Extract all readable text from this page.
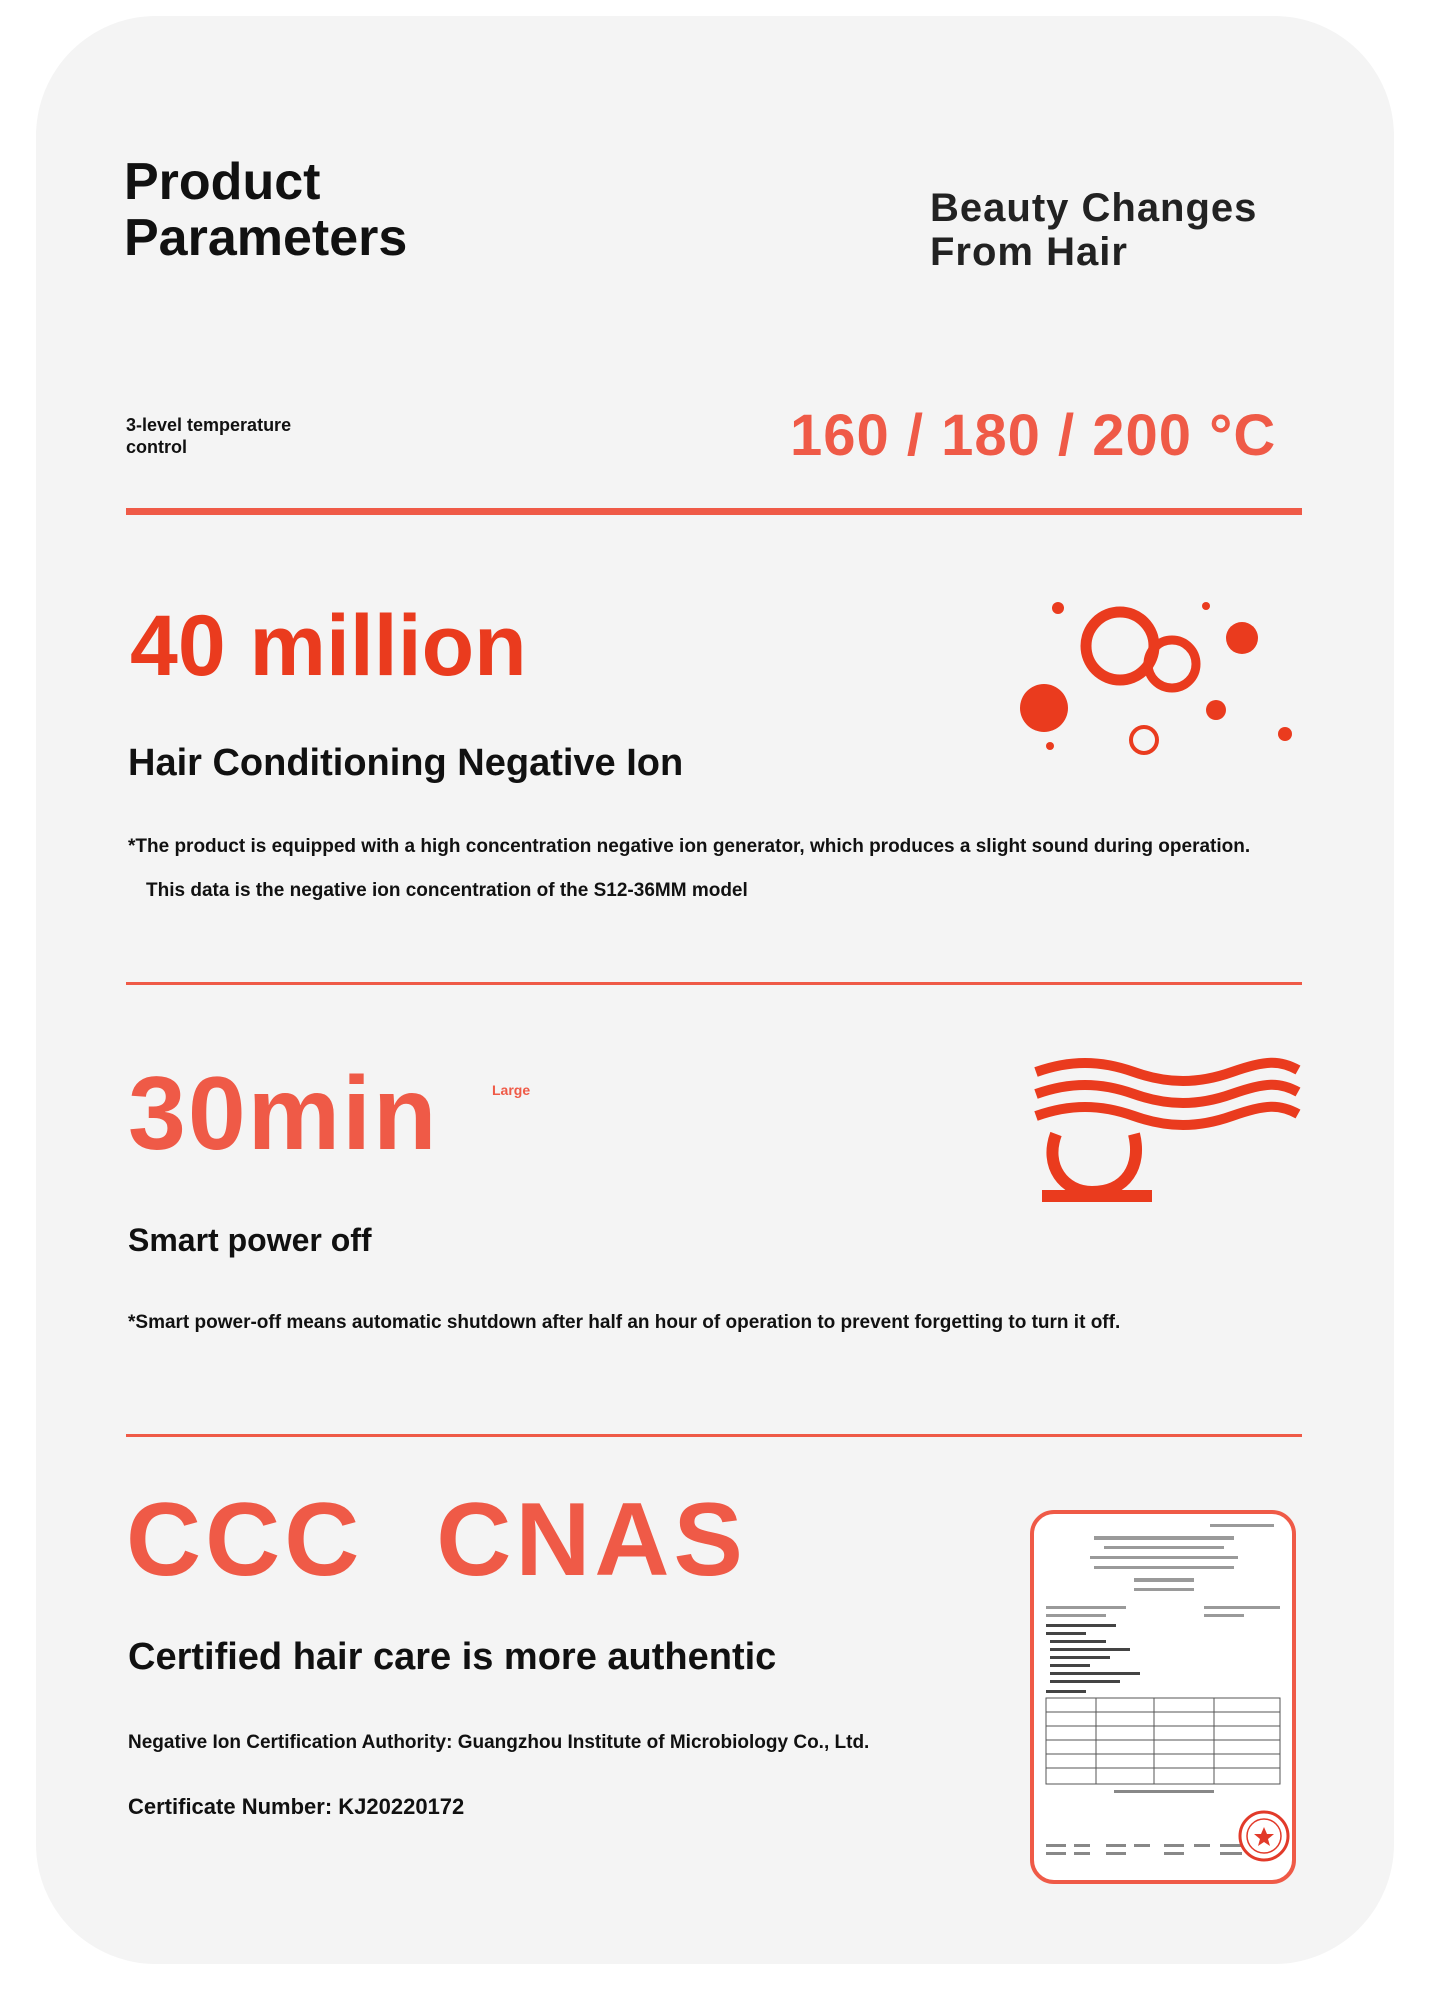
Product
Parameters
Beauty Changes
From Hair
3-level temperature
control	160 / 180 / 200 °C
40 million
Hair Conditioning Negative Ion
*The product is equipped with a high concentration negative ion generator, which produces a slight sound during operation.
This data is the negative ion concentration of the S12-36MM model
30min	Large
Smart power off
*Smart power-off means automatic shutdown after half an hour of operation to prevent forgetting to turn it off.
CCC CNAS
Certified hair care is more authentic
Negative Ion Certification Authority: Guangzhou Institute of Microbiology Co., Ltd.
Certificate Number: KJ20220172
